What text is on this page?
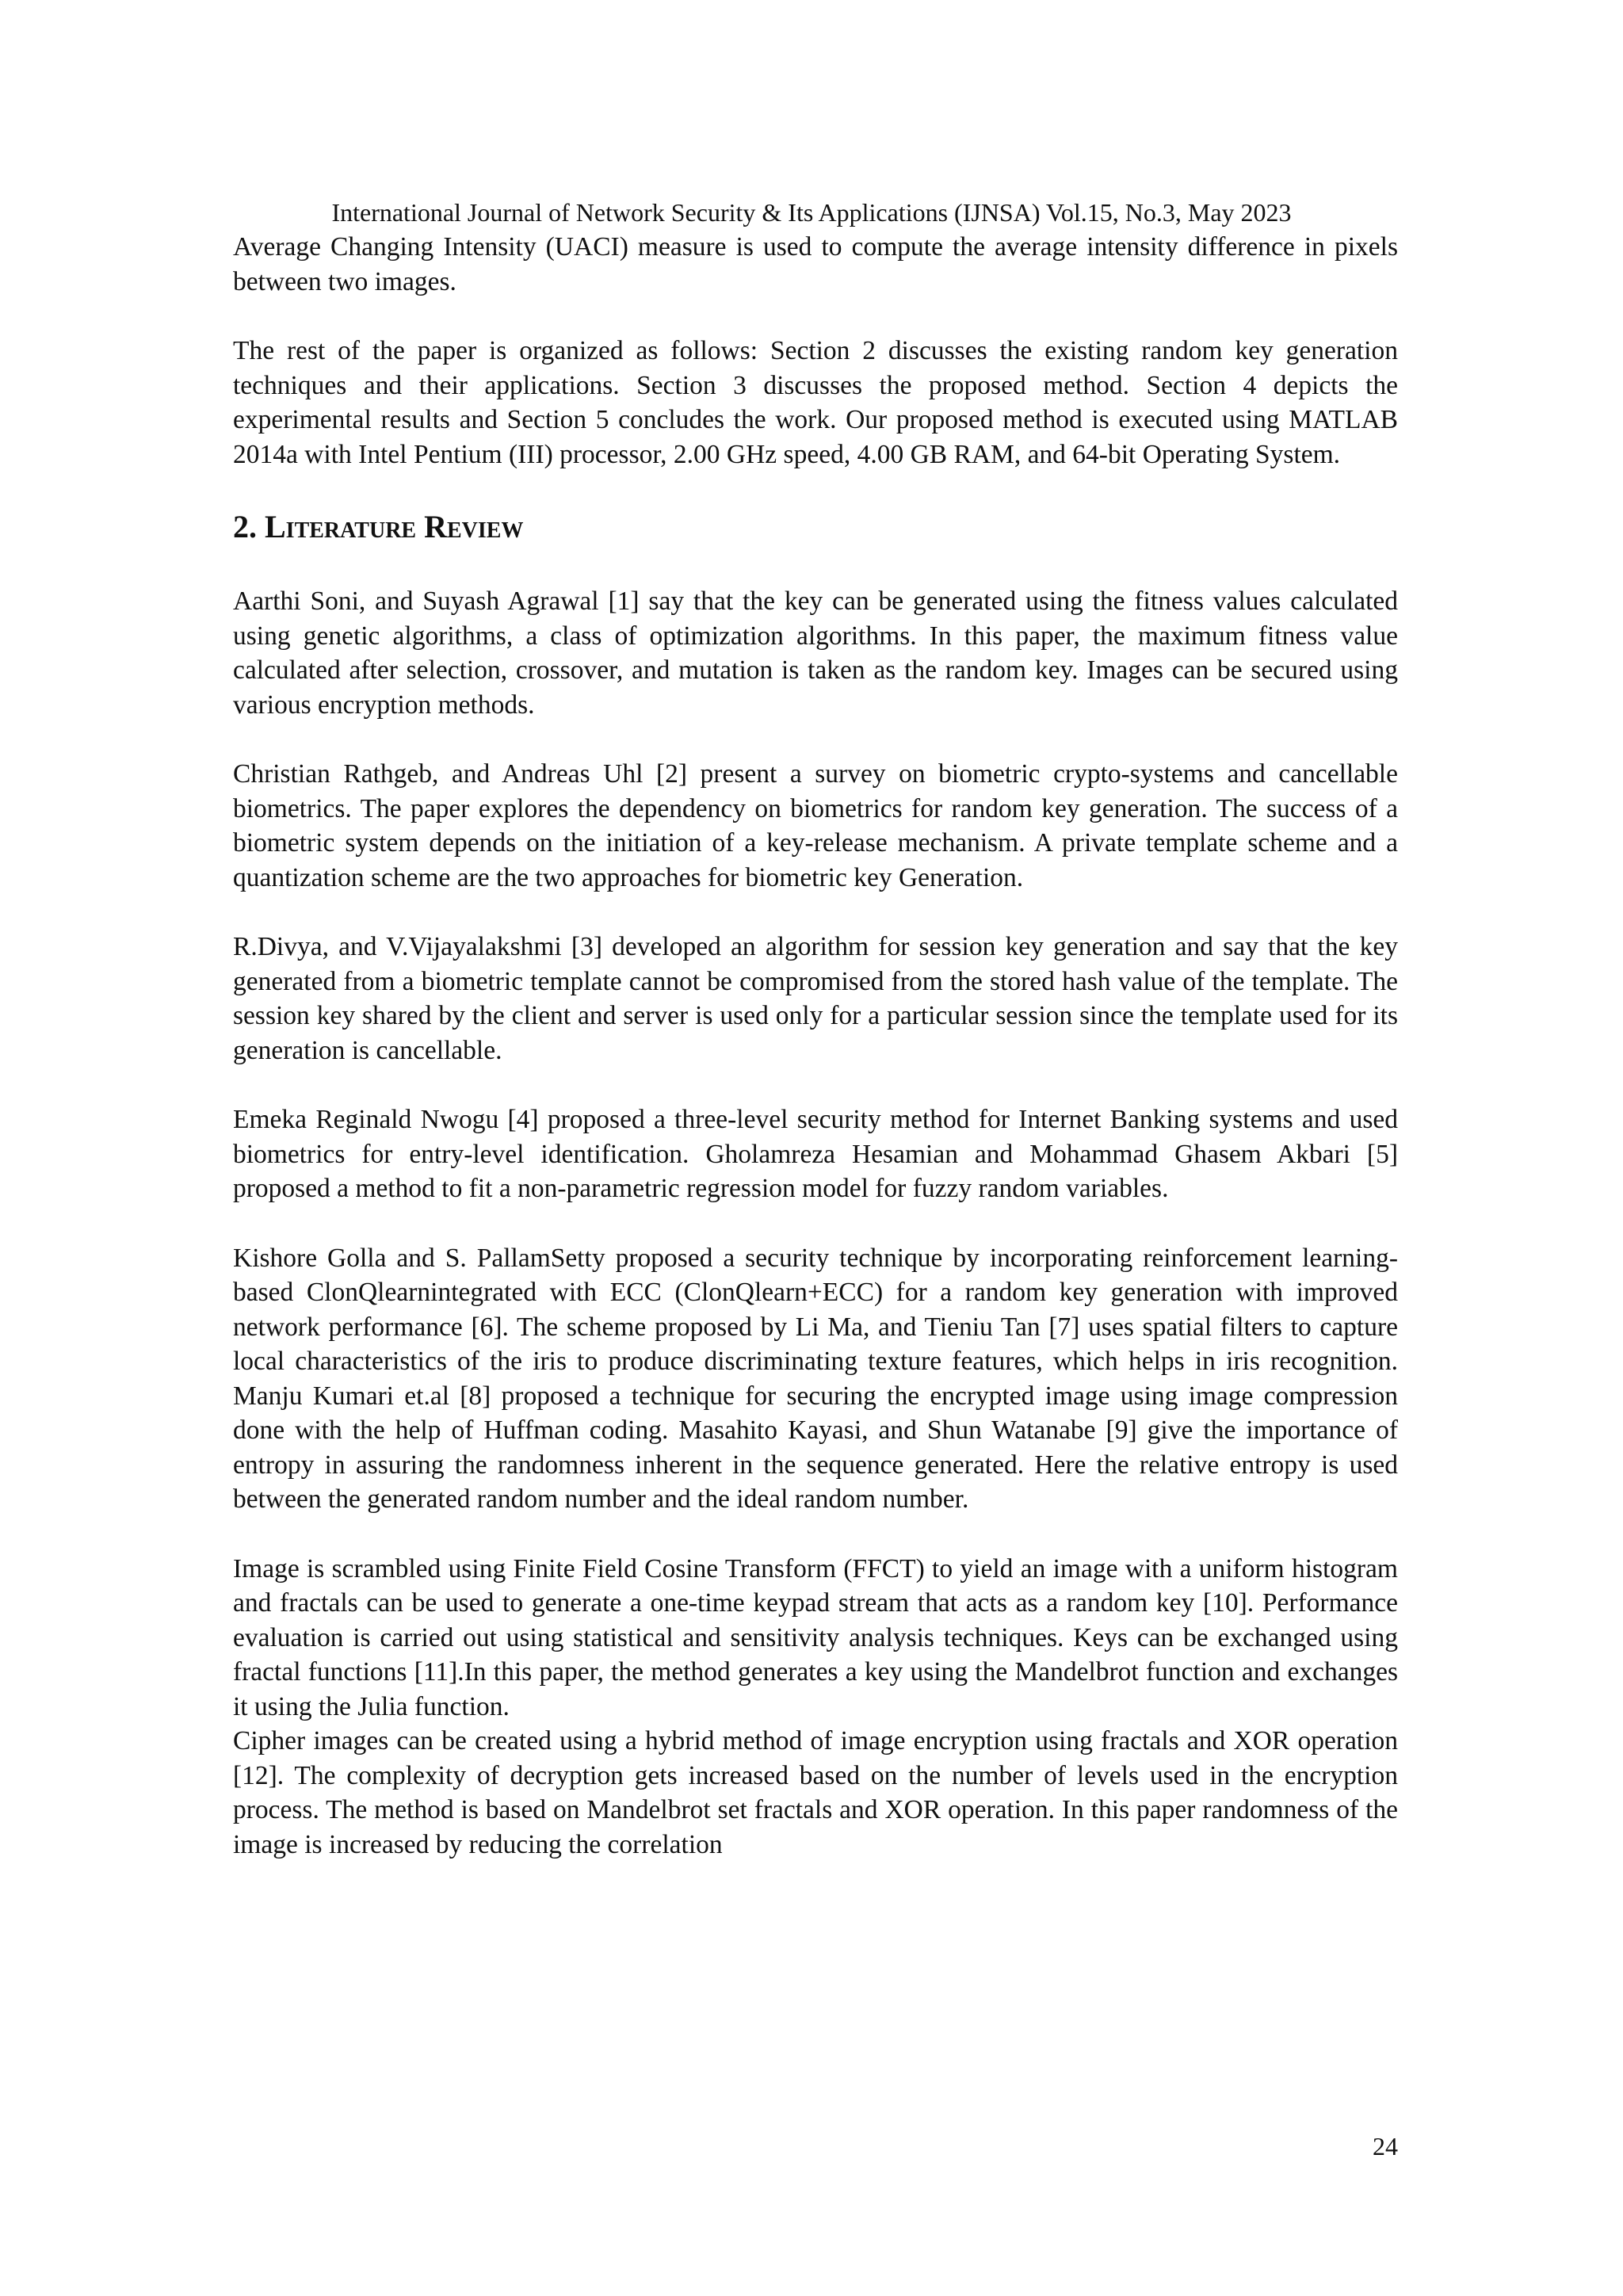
International Journal of Network Security & Its Applications (IJNSA) Vol.15, No.3, May 2023

Average Changing Intensity (UACI) measure is used to compute the average intensity difference in pixels between two images.

The rest of the paper is organized as follows: Section 2 discusses the existing random key generation techniques and their applications. Section 3 discusses the proposed method. Section 4 depicts the experimental results and Section 5 concludes the work. Our proposed method is executed using MATLAB 2014a with Intel Pentium (III) processor, 2.00 GHz speed, 4.00 GB RAM, and 64-bit Operating System.

2. Literature Review

Aarthi Soni, and Suyash Agrawal [1] say that the key can be generated using the fitness values calculated using genetic algorithms, a class of optimization algorithms. In this paper, the maximum fitness value calculated after selection, crossover, and mutation is taken as the random key. Images can be secured using various encryption methods.

Christian Rathgeb, and Andreas Uhl [2] present a survey on biometric crypto-systems and cancellable biometrics. The paper explores the dependency on biometrics for random key generation. The success of a biometric system depends on the initiation of a key-release mechanism. A private template scheme and a quantization scheme are the two approaches for biometric key Generation.

R.Divya, and V.Vijayalakshmi [3] developed an algorithm for session key generation and say that the key generated from a biometric template cannot be compromised from the stored hash value of the template. The session key shared by the client and server is used only for a particular session since the template used for its generation is cancellable.

Emeka Reginald Nwogu [4] proposed a three-level security method for Internet Banking systems and used biometrics for entry-level identification. Gholamreza Hesamian and Mohammad Ghasem Akbari [5] proposed a method to fit a non-parametric regression model for fuzzy random variables.

Kishore Golla and S. PallamSetty proposed a security technique by incorporating reinforcement learning-based ClonQlearnintegrated with ECC (ClonQlearn+ECC) for a random key generation with improved network performance [6]. The scheme proposed by Li Ma, and Tieniu Tan [7] uses spatial filters to capture local characteristics of the iris to produce discriminating texture features, which helps in iris recognition. Manju Kumari et.al [8] proposed a technique for securing the encrypted image using image compression done with the help of Huffman coding. Masahito Kayasi, and Shun Watanabe [9] give the importance of entropy in assuring the randomness inherent in the sequence generated. Here the relative entropy is used between the generated random number and the ideal random number.

Image is scrambled using Finite Field Cosine Transform (FFCT) to yield an image with a uniform histogram and fractals can be used to generate a one-time keypad stream that acts as a random key [10]. Performance evaluation is carried out using statistical and sensitivity analysis techniques. Keys can be exchanged using fractal functions [11].In this paper, the method generates a key using the Mandelbrot function and exchanges it using the Julia function.

Cipher images can be created using a hybrid method of image encryption using fractals and XOR operation [12]. The complexity of decryption gets increased based on the number of levels used in the encryption process. The method is based on Mandelbrot set fractals and XOR operation. In this paper randomness of the image is increased by reducing the correlation

24
